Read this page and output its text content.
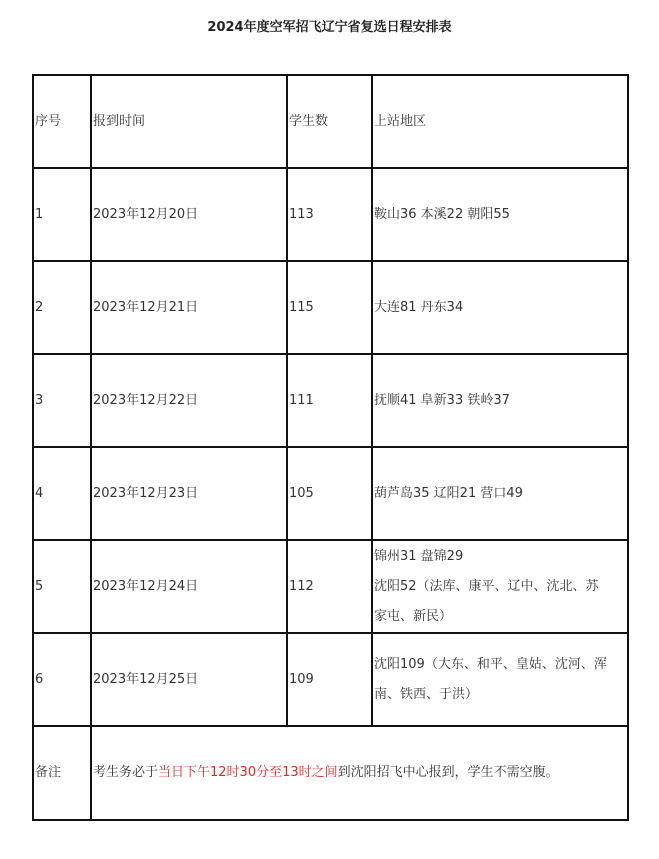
2024年度空军招飞辽宁省复选日程安排表
序号	报到时间	学生数	上站地区
1	2023年12月20日	113	鞍山36 本溪22 朝阳55

2	2023年12月21日	115	大连81 丹东34

3	2023年12月22日	111	抚顺41 阜新33 铁岭37

4	2023年12月23日	105	葫芦岛35 辽阳21 营口49

5	2023年12月24日	112	锦州31 盘锦29
沈阳52（法库、康平、辽中、沈北、苏
家屯、新民）

6	2023年12月25日	109	沈阳109（大东、和平、皇姑、沈河、浑
南、铁西、于洪）

备注	考生务必于当日下午12时30分至13时之间到沈阳招飞中心报到，学生不需空腹。		
